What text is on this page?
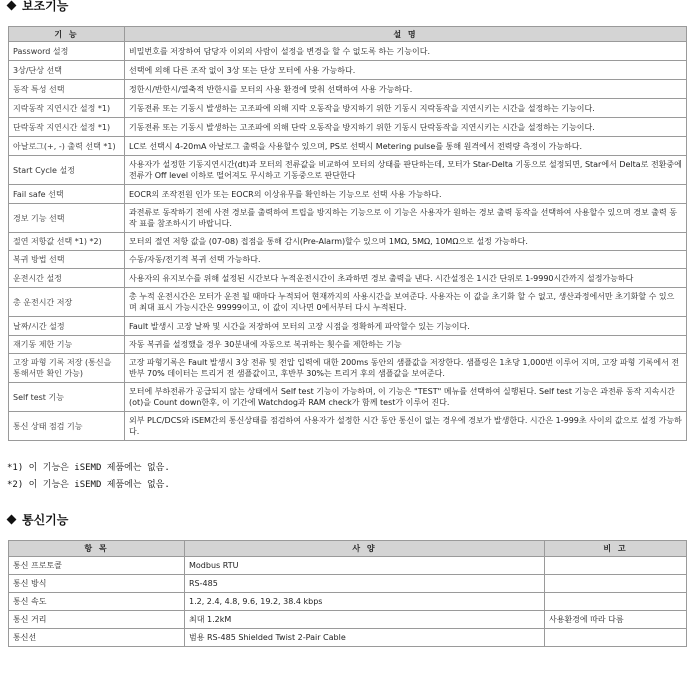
보조기능
기 능	설 명
Password 설정	비밀번호를 저장하여 담당자 이외의 사람이 설정을 변경을 할 수 없도록 하는 기능이다.
3상/단상 선택	선택에 의해 다른 조작 없이 3상 또는 단상 모터에 사용 가능하다.
동작 특성 선택	정한시/반한시/열축적 반한시를 모터의 사용 환경에 맞춰 선택하여 사용 가능하다.
지락동작 지연시간 설정 *1)	기동전류 또는 기동시 발생하는 고조파에 의해 지락 오동작을 방지하기 위한 기동시 지락동작을 지연시키는 시간을 설정하는 기능이다.
단락동작 지연시간 설정 *1)	기동전류 또는 기동시 발생하는 고조파에 의해 단락 오동작을 방지하기 위한 기동시 단락동작을 지연시키는 시간을 설정하는 기능이다.
아날로그(+, -) 출력 선택 *1)	LC로 선택시 4-20mA 아날로그 출력을 사용할수 있으며, PS로 선택시 Metering pulse를 통해 원격에서 전력량 측정이 가능하다.
Start Cycle 설정	사용자가 설정한 기동지연시간(dt)과 모터의 전류값을 비교하여 모터의 상태를 판단하는데, 모터가 Star-Delta 기동으로 설정되면, Star에서 Delta로 전환중에 전류가 Off level 이하로 떨어져도 무시하고 기동중으로 판단한다
Fail safe 선택	EOCR의 조작전원 인가 또는 EOCR의 이상유무를 확인하는 기능으로 선택 사용 가능하다.
경보 기능 선택	과전류로 동작하기 전에 사전 경보를 출력하여 트립을 방지하는 기능으로 이 기능은 사용자가 원하는 경보 출력 동작을 선택하여 사용할수 있으며 경보 출력 동작 표를 참조하시기 바랍니다.
절연 저항값 선택 *1) *2)	모터의 절연 저항 값을 (07-08) 접점을 통해 감시(Pre-Alarm)할수 있으며 1MΩ, 5MΩ, 10MΩ으로 설정 가능하다.
복귀 방법 선택	수동/자동/전기적 복귀 선택 가능하다.
운전시간 설정	사용자의 유지보수를 위해 설정된 시간보다 누적운전시간이 초과하면 경보 출력을 낸다. 시간설정은 1시간 단위로 1-9990시간까지 설정가능하다
총 운전시간 저장	총 누적 운전시간은 모터가 운전 될 때마다 누적되어 현재까지의 사용시간을 보여준다. 사용자는 이 값을 초기화 할 수 없고, 생산과정에서만 초기화할 수 있으며 최대 표시 가능시간은 99999이고, 이 값이 지나면 0에서부터 다시 누적된다.
날짜/시간 설정	Fault 발생시 고장 날짜 및 시간을 저장하여 모터의 고장 시점을 정확하게 파악할수 있는 기능이다.
재기동 제한 기능	자동 복귀를 설정했을 경우 30분내에 자동으로 복귀하는 횟수를 제한하는 기능
고장 파형 기록 저장 (통신을 통해서만 확인 가능)	고장 파형기록은 Fault 발생시 3상 전류 및 전압 입력에 대한 200ms 동안의 샘플값을 저장한다. 샘플링은 1초당 1,000번 이루어 지며, 고장 파형 기록에서 전반부 70% 데이터는 트리거 전 샘플값이고, 후반부 30%는 트리거 후의 샘플값을 보여준다.
Self test 기능	모터에 부하전류가 공급되지 않는 상태에서 Self test 기능이 가능하며, 이 기능은 "TEST" 메뉴를 선택하여 실행된다. Self test 기능은 과전류 동작 지속시간(ot)을 Count down한후, 이 기간에 Watchdog과 RAM check가 함께 test가 이루어 진다.
통신 상태 점검 기능	외부 PLC/DCS와 iSEM간의 통신상태를 점검하여 사용자가 설정한 시간 동안 통신이 없는 경우에 경보가 발생한다. 시간은 1-999초 사이의 값으로 설정 가능하다.
*1) 이 기능은 iSEMD 제품에는 없음.
*2) 이 기능은 iSEMD 제품에는 없음.
통신기능
항 목	사 양	비 고
통신 프로토콜	Modbus RTU	
통신 방식	RS-485	
통신 속도	1.2, 2.4, 4.8, 9.6, 19.2, 38.4 kbps	
통신 거리	최대 1.2kM	사용환경에 따라 다름
통신선	범용 RS-485 Shielded Twist 2-Pair Cable	
